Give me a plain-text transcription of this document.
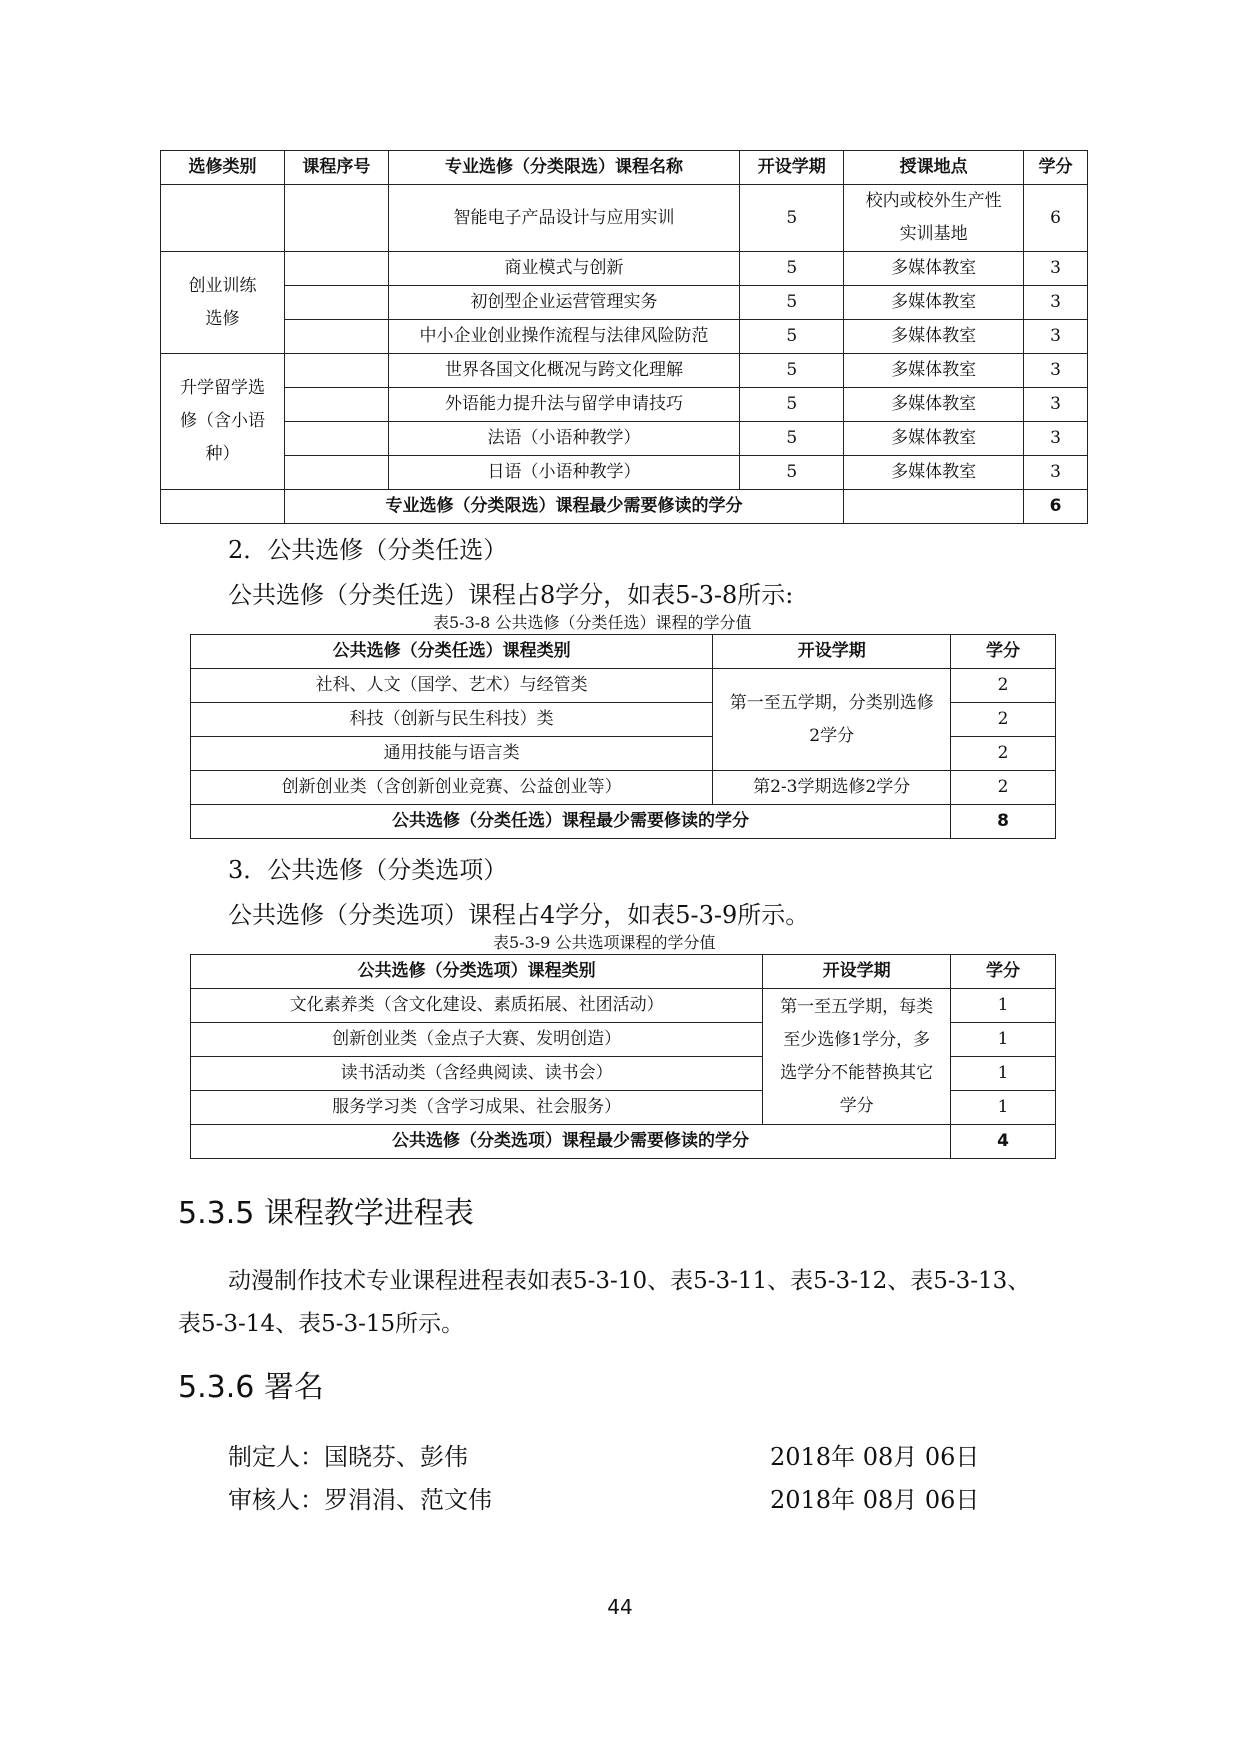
选修类别	课程序号	专业选修（分类限选）课程名称	开设学期	授课地点	学分
		智能电子产品设计与应用实训	5	校内或校外生产性实训基地	6
创业训练选修		商业模式与创新	5	多媒体教室	3
		初创型企业运营管理实务	5	多媒体教室	3
		中小企业创业操作流程与法律风险防范	5	多媒体教室	3
升学留学选修（含小语种）		世界各国文化概况与跨文化理解	5	多媒体教室	3
		外语能力提升法与留学申请技巧	5	多媒体教室	3
		法语（小语种教学）	5	多媒体教室	3
		日语（小语种教学）	5	多媒体教室	3
	专业选修（分类限选）课程最少需要修读的学分				6
2．公共选修（分类任选）
公共选修（分类任选）课程占8学分，如表5-3-8所示:
表5-3-8 公共选修（分类任选）课程的学分值
公共选修（分类任选）课程类别	开设学期	学分
社科、人文（国学、艺术）与经管类	第一至五学期，分类别选修2学分	2
科技（创新与民生科技）类		2
通用技能与语言类		2
创新创业类（含创新创业竞赛、公益创业等）	第2-3学期选修2学分	2
公共选修（分类任选）课程最少需要修读的学分		8
3．公共选修（分类选项）
公共选修（分类选项）课程占4学分，如表5-3-9所示。
表5-3-9 公共选项课程的学分值
公共选修（分类选项）课程类别	开设学期	学分
文化素养类（含文化建设、素质拓展、社团活动）	第一至五学期，每类至少选修1学分，多选学分不能替换其它学分	1
创新创业类（金点子大赛、发明创造）		1
读书活动类（含经典阅读、读书会）		1
服务学习类（含学习成果、社会服务）		1
公共选修（分类选项）课程最少需要修读的学分		4
5.3.5 课程教学进程表
动漫制作技术专业课程进程表如表5-3-10、表5-3-11、表5-3-12、表5-3-13、
表5-3-14、表5-3-15所示。
5.3.6 署名
制定人：国晓芬、彭伟	2018年 08月 06日
审核人：罗涓涓、范文伟	2018年 08月 06日
44
